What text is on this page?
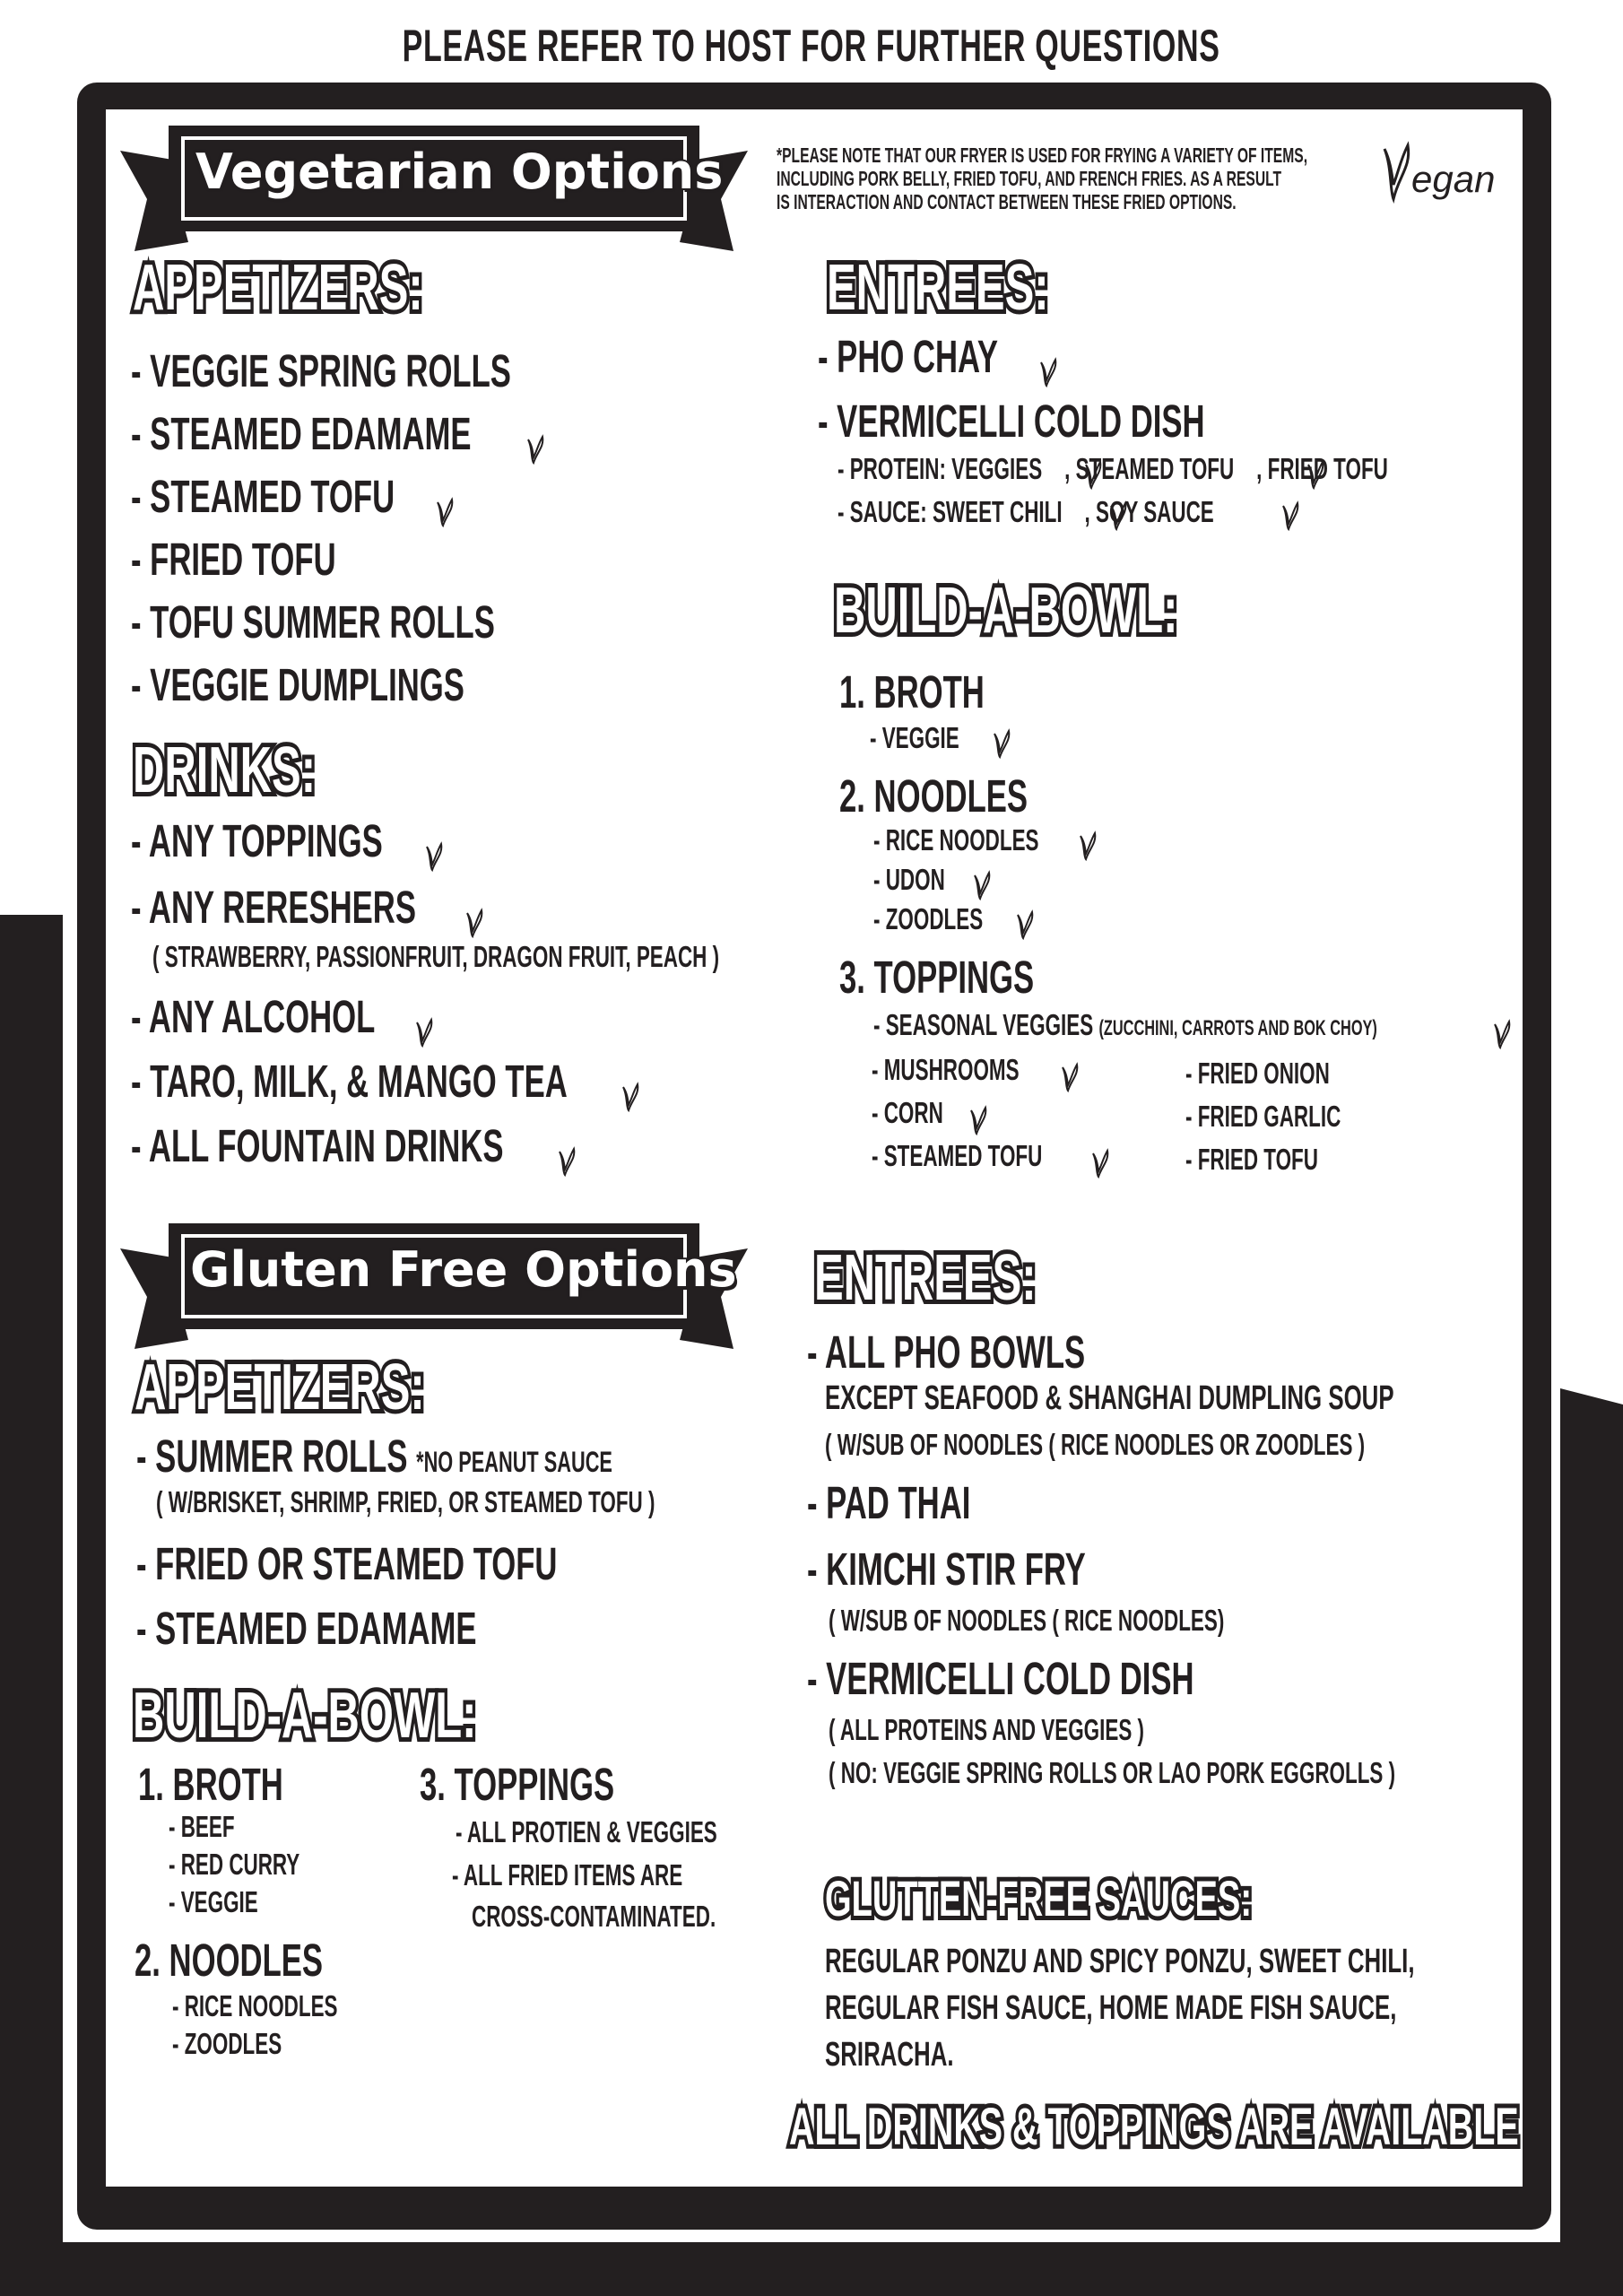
PLEASE REFER TO HOST FOR FURTHER QUESTIONS
Vegetarian Options	*PLEASE NOTE THAT OUR FRYER IS USED FOR FRYING A VARIETY OF ITEMS,
INCLUDING PORK BELLY, FRIED TOFU, AND FRENCH FRIES. AS A RESULT
IS INTERACTION AND CONTACT BETWEEN THESE FRIED OPTIONS.
egan
APPETIZERS:
- VEGGIE SPRING ROLLS
- STEAMED EDAMAME
- STEAMED TOFU
- FRIED TOFU
- TOFU SUMMER ROLLS
- VEGGIE DUMPLINGS
DRINKS:
- ANY TOPPINGS
- ANY RERESHERS
( STRAWBERRY, PASSIONFRUIT, DRAGON FRUIT, PEACH )
- ANY ALCOHOL
- TARO, MILK, & MANGO TEA
- ALL FOUNTAIN DRINKS
ENTREES:
- PHO CHAY
- VERMICELLI COLD DISH
- PROTEIN: VEGGIES , STEAMED TOFU , FRIED TOFU
- SAUCE: SWEET CHILI , SOY SAUCE
BUILD-A-BOWL:
1. BROTH
- VEGGIE
2. NOODLES
- RICE NOODLES
- UDON
- ZOODLES
3. TOPPINGS
- SEASONAL VEGGIES (ZUCCHINI, CARROTS AND BOK CHOY)
- MUSHROOMS
- CORN
- STEAMED TOFU
- FRIED ONION
- FRIED GARLIC
- FRIED TOFU
Gluten Free Options
APPETIZERS:
- SUMMER ROLLS *NO PEANUT SAUCE
( W/BRISKET, SHRIMP, FRIED, OR STEAMED TOFU )
- FRIED OR STEAMED TOFU
- STEAMED EDAMAME
BUILD-A-BOWL:
1. BROTH
- BEEF
- RED CURRY
- VEGGIE
2. NOODLES
- RICE NOODLES
- ZOODLES
3. TOPPINGS
- ALL PROTIEN & VEGGIES
- ALL FRIED ITEMS ARE
CROSS-CONTAMINATED.
ENTREES:
- ALL PHO BOWLS
EXCEPT SEAFOOD & SHANGHAI DUMPLING SOUP
( W/SUB OF NOODLES ( RICE NOODLES OR ZOODLES )
- PAD THAI
- KIMCHI STIR FRY
( W/SUB OF NOODLES ( RICE NOODLES)
- VERMICELLI COLD DISH
( ALL PROTEINS AND VEGGIES )
( NO: VEGGIE SPRING ROLLS OR LAO PORK EGGROLLS )
GLUTTEN-FREE SAUCES:
REGULAR PONZU AND SPICY PONZU, SWEET CHILI,
REGULAR FISH SAUCE, HOME MADE FISH SAUCE,
SRIRACHA.
ALL DRINKS & TOPPINGS ARE AVAILABLE
